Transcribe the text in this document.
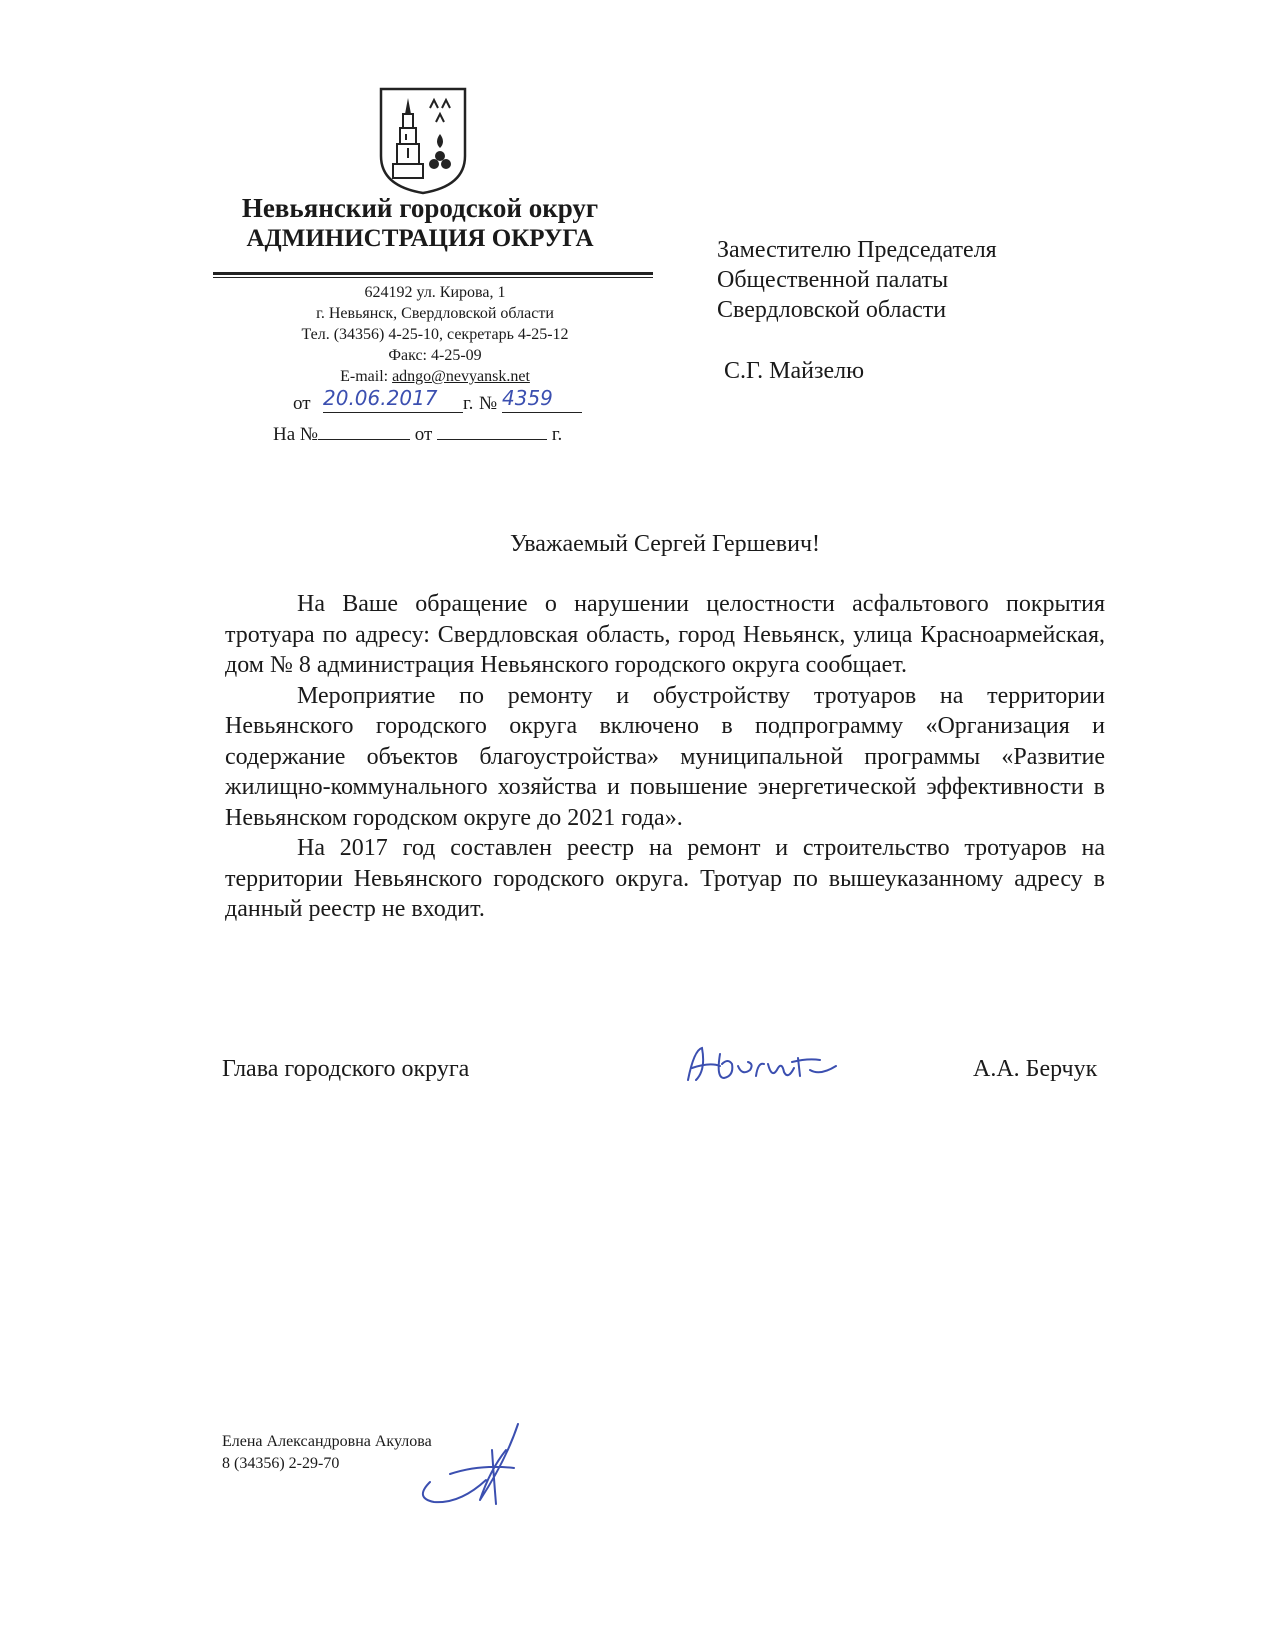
Невьянский городской округ
АДМИНИСТРАЦИЯ ОКРУГА
624192 ул. Кирова, 1
г. Невьянск, Свердловской области
Тел. (34356) 4-25-10, секретарь 4-25-12
Факс: 4-25-09
E-mail: adngo@nevyansk.net
от 20.06.2017	г. № 4359
На №	от	г.
Заместителю Председателя
Общественной палаты
Свердловской области
С.Г. Майзелю
Уважаемый Сергей Гершевич!

На Ваше обращение о нарушении целостности асфальтового покрытия тротуара по адресу: Свердловская область, город Невьянск, улица Красноармейская, дом № 8 администрация Невьянского городского округа сообщает.

Мероприятие по ремонту и обустройству тротуаров на территории Невьянского городского округа включено в подпрограмму «Организация и содержание объектов благоустройства» муниципальной программы «Развитие жилищно-коммунального хозяйства и повышение энергетической эффективности в Невьянском городском округе до 2021 года».

На 2017 год составлен реестр на ремонт и строительство тротуаров на территории Невьянского городского округа. Тротуар по вышеуказанному адресу в данный реестр не входит.

Глава городского округа	А.А. Берчук
Елена Александровна Акулова
8 (34356) 2-29-70
